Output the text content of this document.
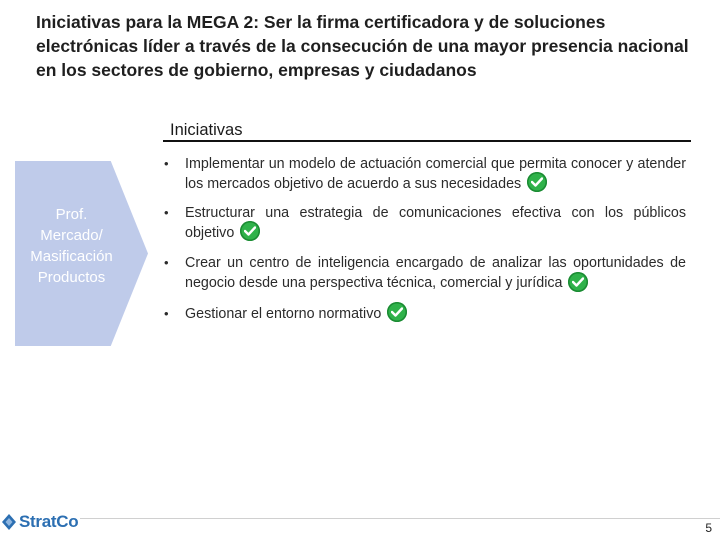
Iniciativas para la MEGA 2: Ser la firma certificadora y de soluciones electrónicas líder a través de la consecución de una mayor presencia nacional en los sectores de gobierno, empresas y ciudadanos
Iniciativas
Prof.
Mercado/
Masificación
Productos
• Implementar un modelo de actuación comercial que permita conocer y atender los mercados objetivo de acuerdo a sus necesidades
• Estructurar una estrategia de comunicaciones efectiva con los públicos objetivo
• Crear un centro de inteligencia encargado de analizar las oportunidades de negocio desde una perspectiva técnica, comercial y jurídica
• Gestionar el entorno normativo
StratCo	5
